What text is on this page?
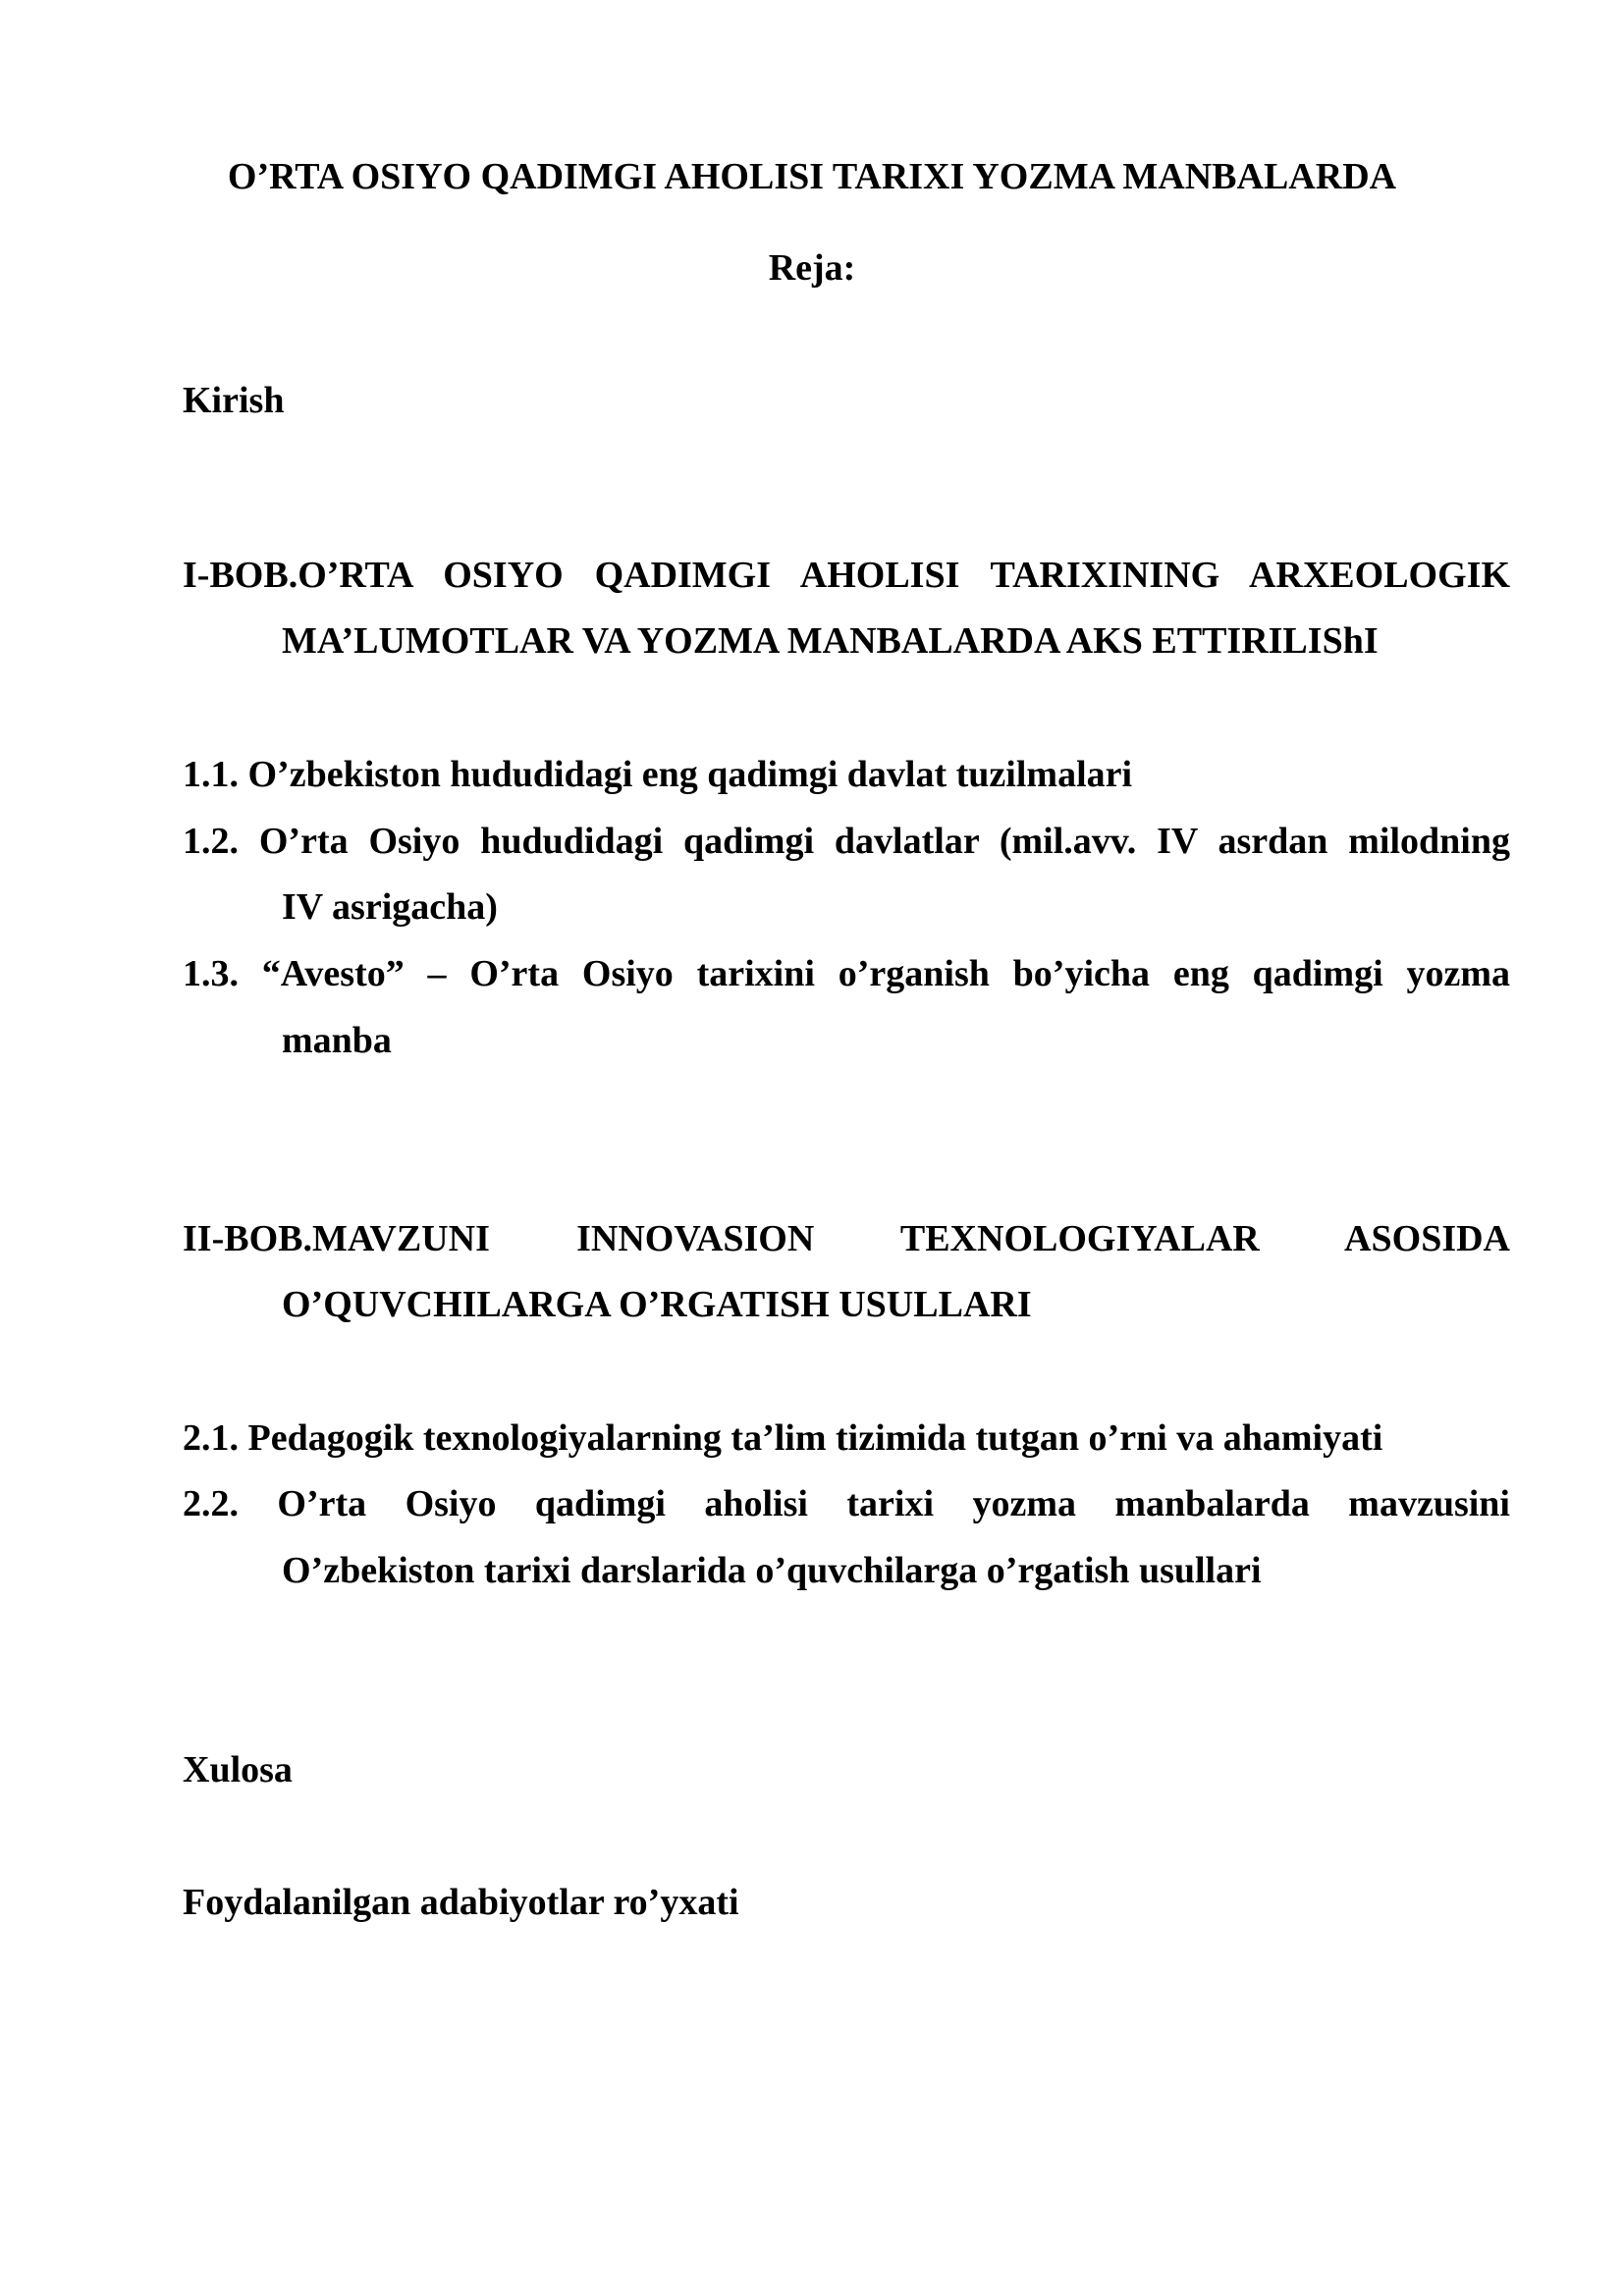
O’RTA OSIYO QADIMGI AHOLISI TARIXI YOZMA MANBALARDA
Reja:
Kirish
I-BOB.O’RTA OSIYO QADIMGI AHOLISI TARIXINING ARXEOLOGIK
MA’LUMOTLAR VA YOZMA MANBALARDA AKS ETTIRILIShI
1.1. O’zbekiston hududidagi eng qadimgi davlat tuzilmalari
1.2. O’rta Osiyo hududidagi qadimgi davlatlar (mil.avv. IV asrdan milodning
IV asrigacha)
1.3. “Avesto” – O’rta Osiyo tarixini o’rganish bo’yicha eng qadimgi yozma
manba
II-BOB.MAVZUNI INNOVASION TEXNOLOGIYALAR ASOSIDA
O’QUVCHILARGA O’RGATISH USULLARI
2.1. Pedagogik texnologiyalarning ta’lim tizimida tutgan o’rni va ahamiyati
2.2. O’rta Osiyo qadimgi aholisi tarixi yozma manbalarda mavzusini
O’zbekiston tarixi darslarida o’quvchilarga o’rgatish usullari
Xulosa
Foydalanilgan adabiyotlar ro’yxati
